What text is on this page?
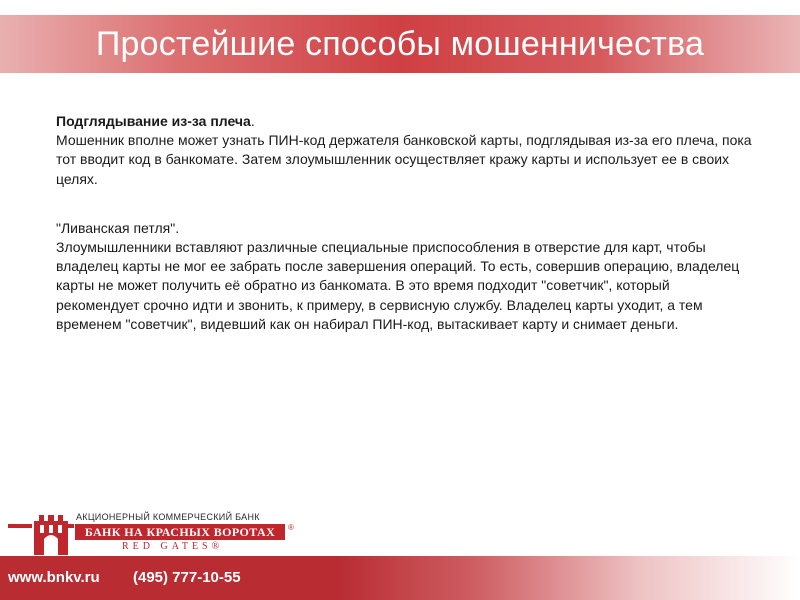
Простейшие способы мошенничества
Подглядывание из-за плеча.

Мошенник вполне может узнать ПИН-код держателя банковской карты, подглядывая из-за его плеча, пока тот вводит код в банкомате. Затем злоумышленник осуществляет кражу карты и использует ее в своих целях.

"Ливанская петля".

Злоумышленники вставляют различные специальные приспособления в отверстие для карт, чтобы владелец карты не мог ее забрать после завершения операций. То есть, совершив операцию, владелец карты не может получить её обратно из банкомата. В это время подходит "советчик", который рекомендует срочно идти и звонить, к примеру, в сервисную службу. Владелец карты уходит, а тем временем "советчик", видевший как он набирал ПИН-код, вытаскивает карту и снимает деньги.

АКЦИОНЕРНЫЙ КОММЕРЧЕСКИЙ БАНК
БАНК НА КРАСНЫХ ВОРОТАХ	®
RED GATES®
www.bnkv.ru (495) 777-10-55
